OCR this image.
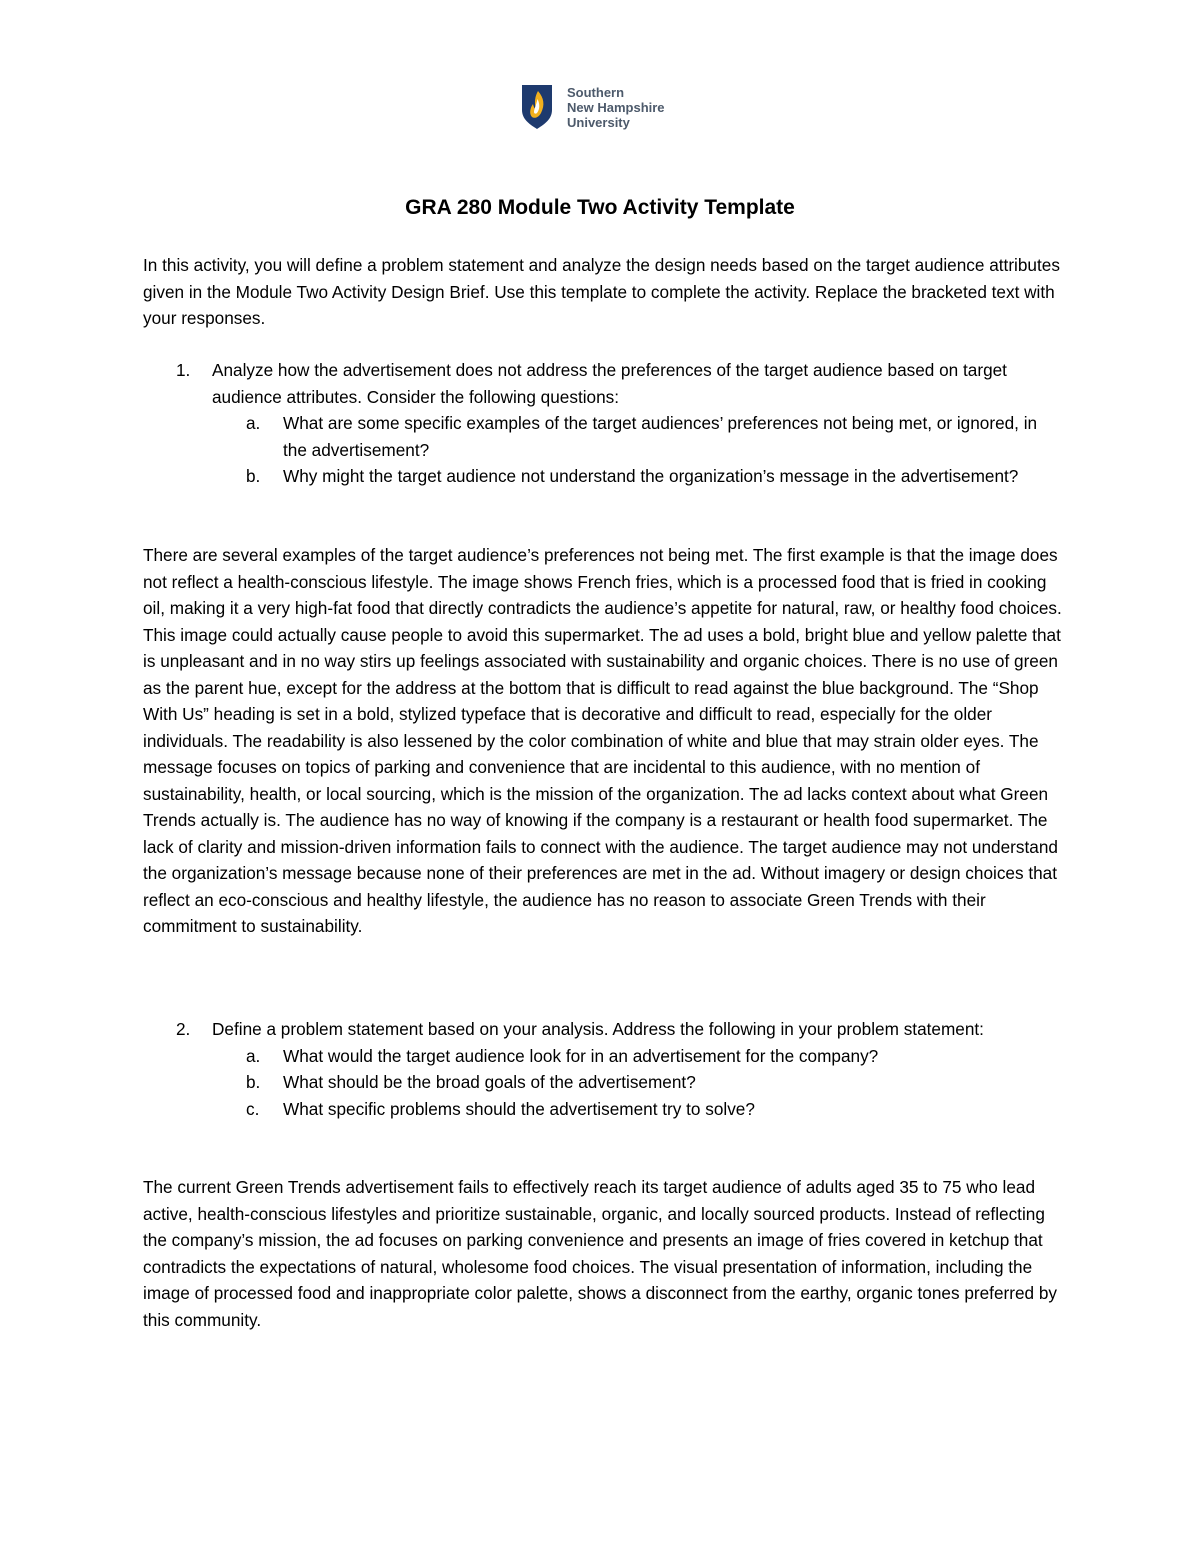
Southern
New Hampshire
University
GRA 280 Module Two Activity Template

In this activity, you will define a problem statement and analyze the design needs based on the target audience attributes given in the Module Two Activity Design Brief. Use this template to complete the activity. Replace the bracketed text with your responses.

1. Analyze how the advertisement does not address the preferences of the target audience based on target audience attributes. Consider the following questions:
a. What are some specific examples of the target audiences’ preferences not being met, or ignored, in the advertisement?
b. Why might the target audience not understand the organization’s message in the advertisement?

There are several examples of the target audience’s preferences not being met. The first example is that the image does not reflect a health-conscious lifestyle. The image shows French fries, which is a processed food that is fried in cooking oil, making it a very high-fat food that directly contradicts the audience’s appetite for natural, raw, or healthy food choices. This image could actually cause people to avoid this supermarket. The ad uses a bold, bright blue and yellow palette that is unpleasant and in no way stirs up feelings associated with sustainability and organic choices. There is no use of green as the parent hue, except for the address at the bottom that is difficult to read against the blue background. The “Shop With Us” heading is set in a bold, stylized typeface that is decorative and difficult to read, especially for the older individuals. The readability is also lessened by the color combination of white and blue that may strain older eyes. The message focuses on topics of parking and convenience that are incidental to this audience, with no mention of sustainability, health, or local sourcing, which is the mission of the organization. The ad lacks context about what Green Trends actually is. The audience has no way of knowing if the company is a restaurant or health food supermarket. The lack of clarity and mission-driven information fails to connect with the audience. The target audience may not understand the organization’s message because none of their preferences are met in the ad. Without imagery or design choices that reflect an eco-conscious and healthy lifestyle, the audience has no reason to associate Green Trends with their commitment to sustainability.

2. Define a problem statement based on your analysis. Address the following in your problem statement:
a. What would the target audience look for in an advertisement for the company?
b. What should be the broad goals of the advertisement?
c. What specific problems should the advertisement try to solve?

The current Green Trends advertisement fails to effectively reach its target audience of adults aged 35 to 75 who lead active, health-conscious lifestyles and prioritize sustainable, organic, and locally sourced products. Instead of reflecting the company’s mission, the ad focuses on parking convenience and presents an image of fries covered in ketchup that contradicts the expectations of natural, wholesome food choices. The visual presentation of information, including the image of processed food and inappropriate color palette, shows a disconnect from the earthy, organic tones preferred by this community.
